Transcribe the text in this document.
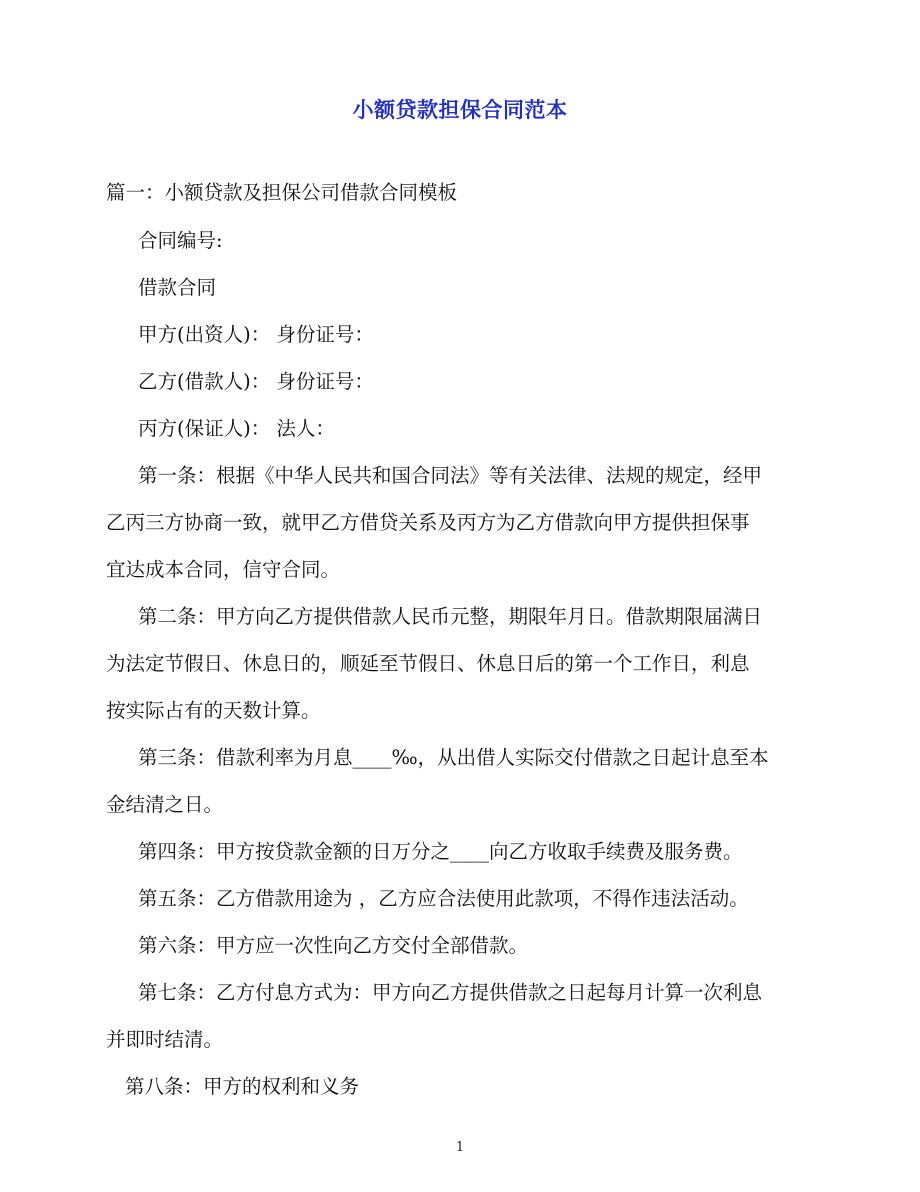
小额贷款担保合同范本
篇一：小额贷款及担保公司借款合同模板
合同编号:
借款合同
甲方(出资人)： 身份证号：
乙方(借款人)： 身份证号：
丙方(保证人)： 法人：
第一条：根据《中华人民共和国合同法》等有关法律、法规的规定，经甲
乙丙三方协商一致，就甲乙方借贷关系及丙方为乙方借款向甲方提供担保事
宜达成本合同，信守合同。
第二条：甲方向乙方提供借款人民币元整，期限年月日。借款期限届满日
为法定节假日、休息日的，顺延至节假日、休息日后的第一个工作日，利息
按实际占有的天数计算。
第三条：借款利率为月息____‰，从出借人实际交付借款之日起计息至本
金结清之日。
第四条：甲方按贷款金额的日万分之____向乙方收取手续费及服务费。
第五条：乙方借款用途为 ，乙方应合法使用此款项，不得作违法活动。
第六条：甲方应一次性向乙方交付全部借款。
第七条：乙方付息方式为：甲方向乙方提供借款之日起每月计算一次利息
并即时结清。
第八条：甲方的权利和义务
1
